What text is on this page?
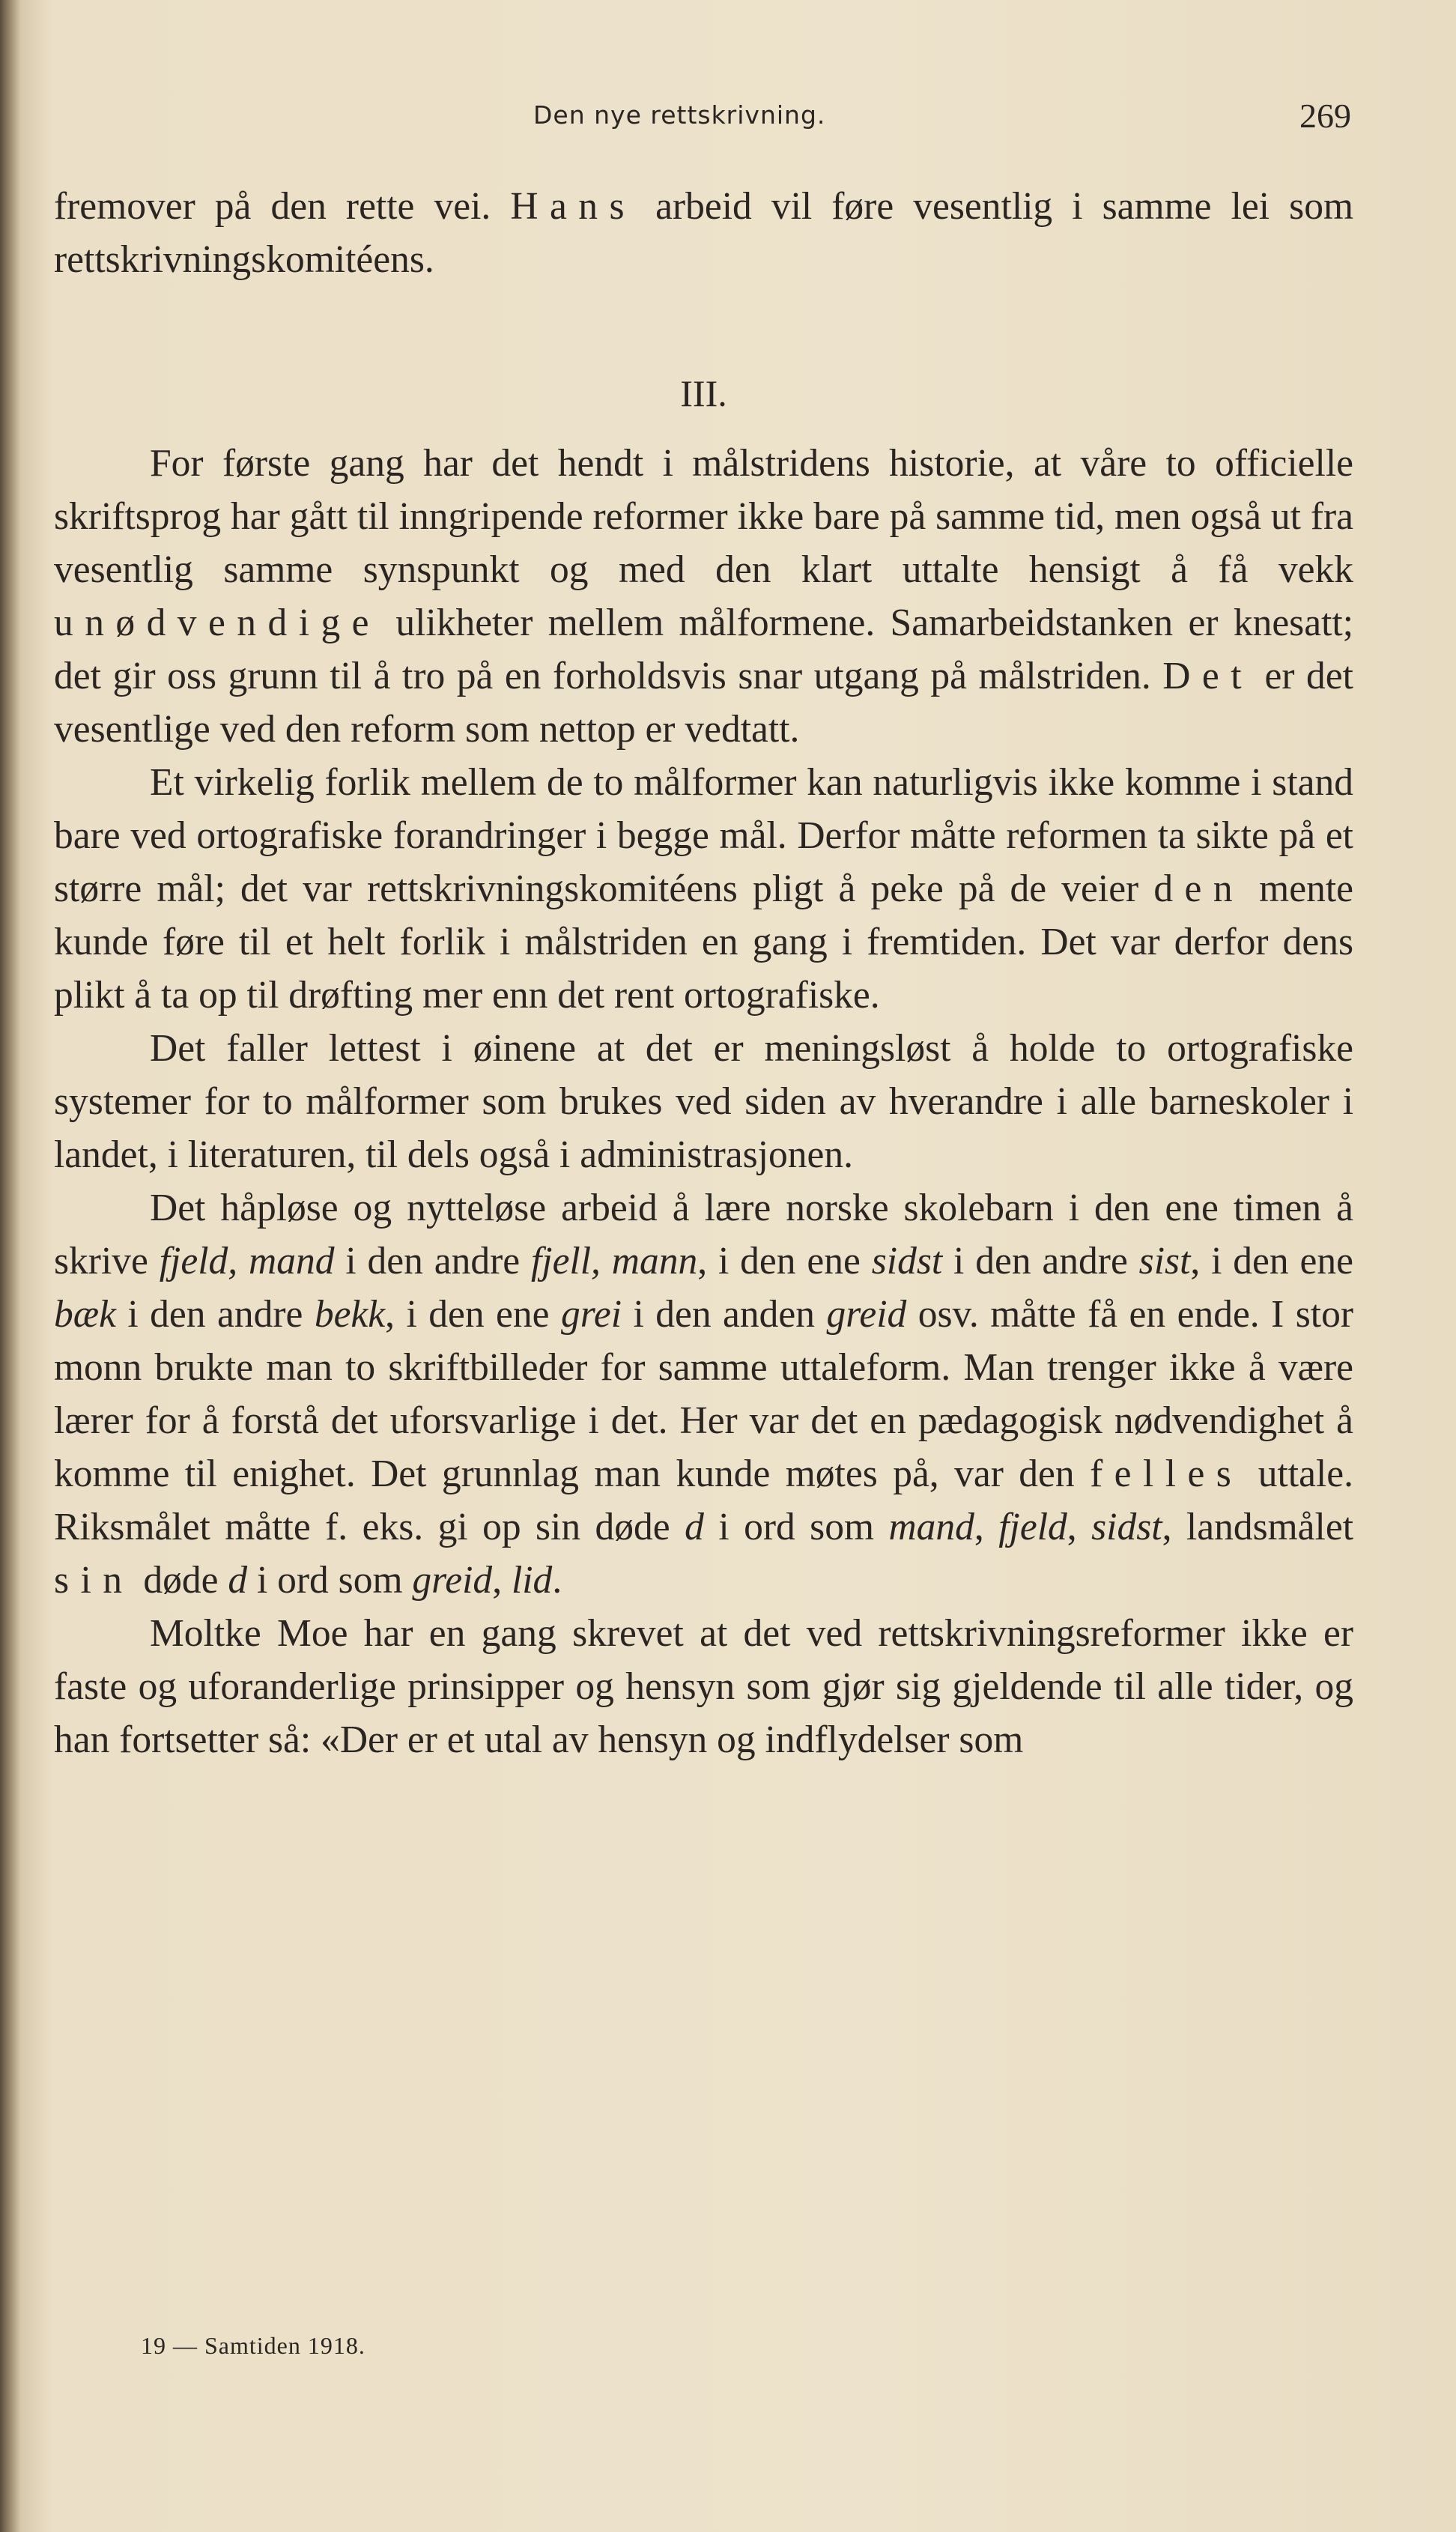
Den nye rettskrivning.	269

fremover på den rette vei. Hans arbeid vil føre vesentlig i samme lei som rettskrivningskomitéens.

III.

For første gang har det hendt i målstridens historie, at våre to officielle skriftsprog har gått til inngripende reformer ikke bare på samme tid, men også ut fra vesentlig samme synspunkt og med den klart uttalte hensigt å få vekk unødvendige ulikheter mellem målformene. Samarbeidstanken er knesatt; det gir oss grunn til å tro på en forholdsvis snar utgang på målstriden. Det er det vesentlige ved den reform som nettop er vedtatt.

Et virkelig forlik mellem de to målformer kan naturligvis ikke komme i stand bare ved ortografiske forandringer i begge mål. Derfor måtte reformen ta sikte på et større mål; det var rettskrivningskomitéens pligt å peke på de veier den mente kunde føre til et helt forlik i målstriden en gang i fremtiden. Det var derfor dens plikt å ta op til drøfting mer enn det rent ortografiske.

Det faller lettest i øinene at det er meningsløst å holde to ortografiske systemer for to målformer som brukes ved siden av hverandre i alle barneskoler i landet, i literaturen, til dels også i administrasjonen.

Det håpløse og nytteløse arbeid å lære norske skolebarn i den ene timen å skrive fjeld, mand i den andre fjell, mann, i den ene sidst i den andre sist, i den ene bæk i den andre bekk, i den ene grei i den anden greid osv. måtte få en ende. I stor monn brukte man to skriftbilleder for samme uttaleform. Man trenger ikke å være lærer for å forstå det uforsvarlige i det. Her var det en pædagogisk nødvendighet å komme til enighet. Det grunnlag man kunde møtes på, var den felles uttale. Riksmålet måtte f. eks. gi op sin døde d i ord som mand, fjeld, sidst, landsmålet sin døde d i ord som greid, lid.

Moltke Moe har en gang skrevet at det ved rettskrivningsreformer ikke er faste og uforanderlige prinsipper og hensyn som gjør sig gjeldende til alle tider, og han fortsetter så: «Der er et utal av hensyn og indflydelser som

19 — Samtiden 1918.
